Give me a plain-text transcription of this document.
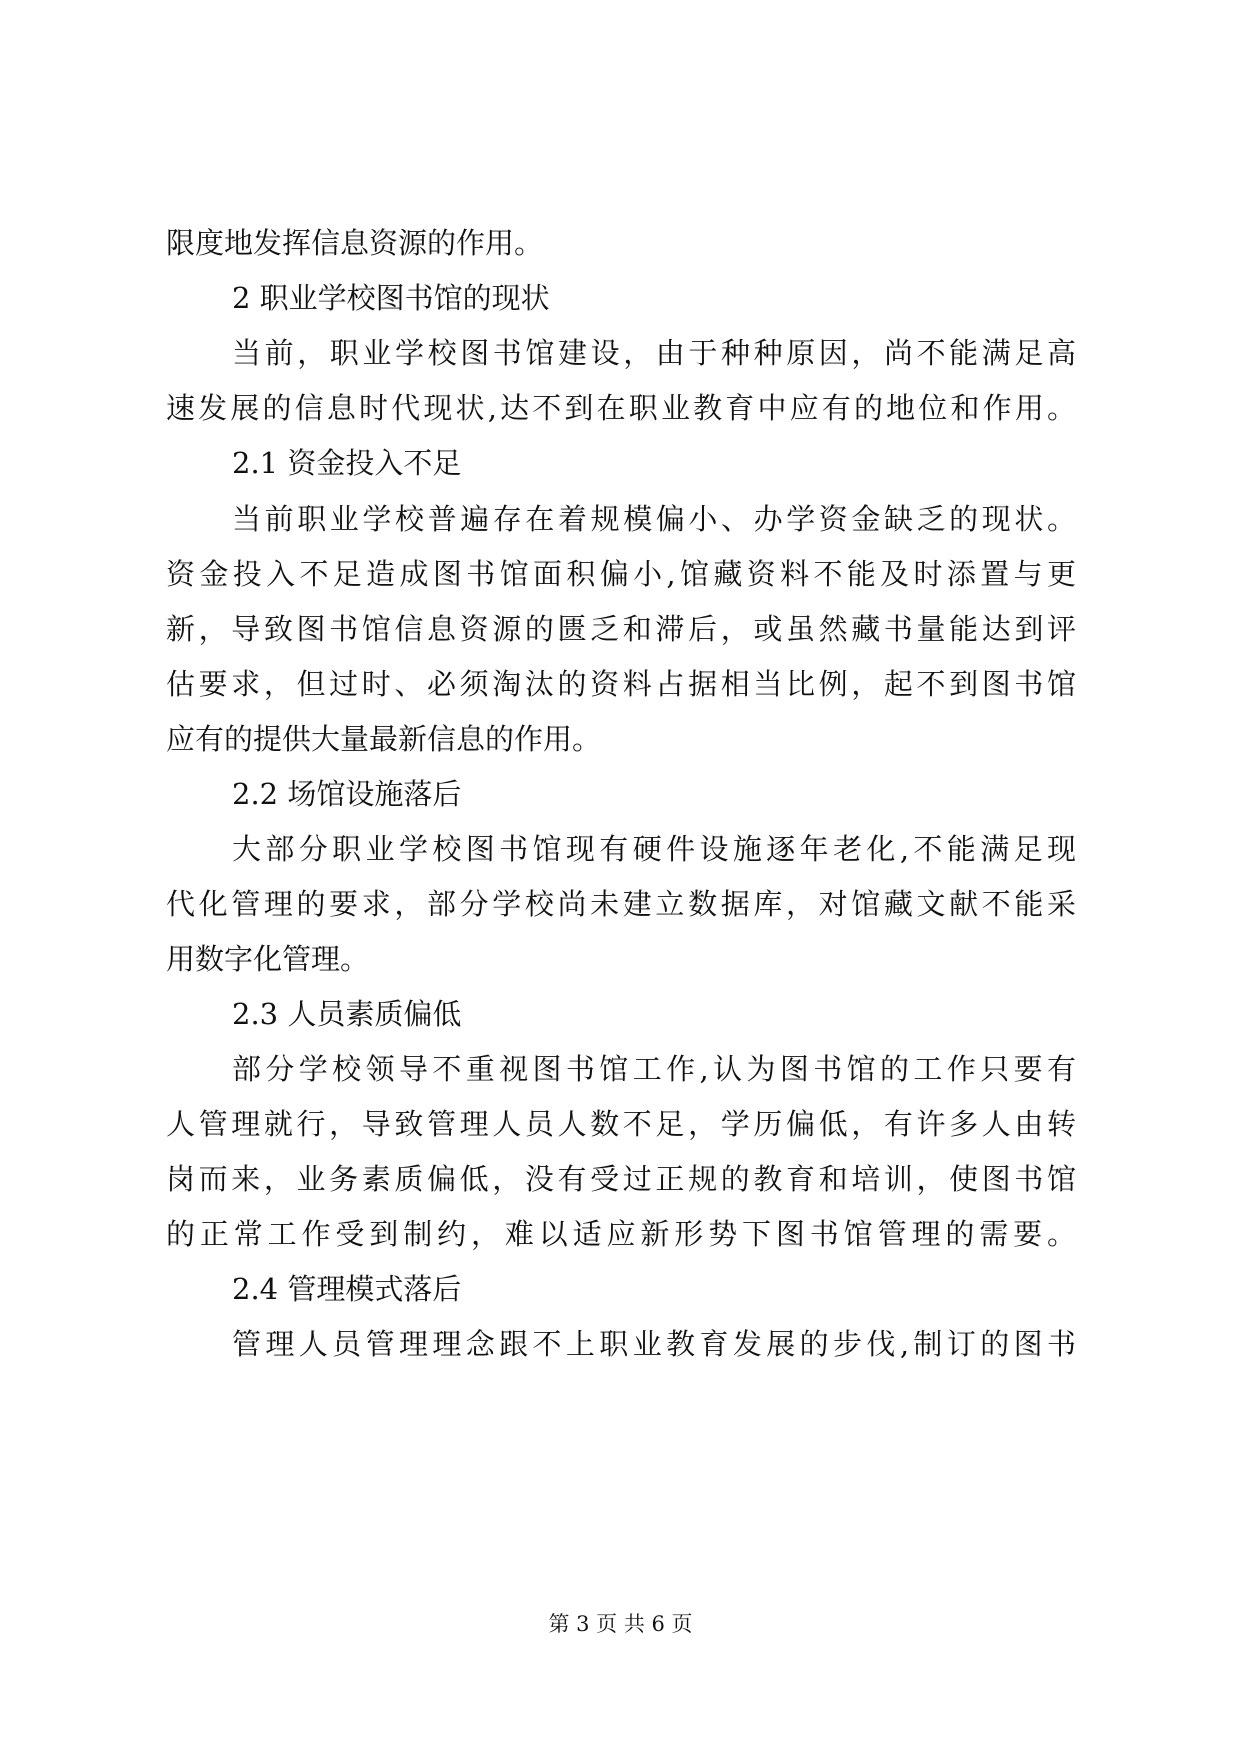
限度地发挥信息资源的作用。
2 职业学校图书馆的现状
当前，职业学校图书馆建设，由于种种原因，尚不能满足高
速发展的信息时代现状,达不到在职业教育中应有的地位和作用。
2.1 资金投入不足
当前职业学校普遍存在着规模偏小、办学资金缺乏的现状。
资金投入不足造成图书馆面积偏小,馆藏资料不能及时添置与更
新，导致图书馆信息资源的匮乏和滞后，或虽然藏书量能达到评
估要求，但过时、必须淘汰的资料占据相当比例，起不到图书馆
应有的提供大量最新信息的作用。
2.2 场馆设施落后
大部分职业学校图书馆现有硬件设施逐年老化,不能满足现
代化管理的要求，部分学校尚未建立数据库，对馆藏文献不能采
用数字化管理。
2.3 人员素质偏低
部分学校领导不重视图书馆工作,认为图书馆的工作只要有
人管理就行，导致管理人员人数不足，学历偏低，有许多人由转
岗而来，业务素质偏低，没有受过正规的教育和培训，使图书馆
的正常工作受到制约，难以适应新形势下图书馆管理的需要。
2.4 管理模式落后
管理人员管理理念跟不上职业教育发展的步伐,制订的图书
第 3 页 共 6 页
